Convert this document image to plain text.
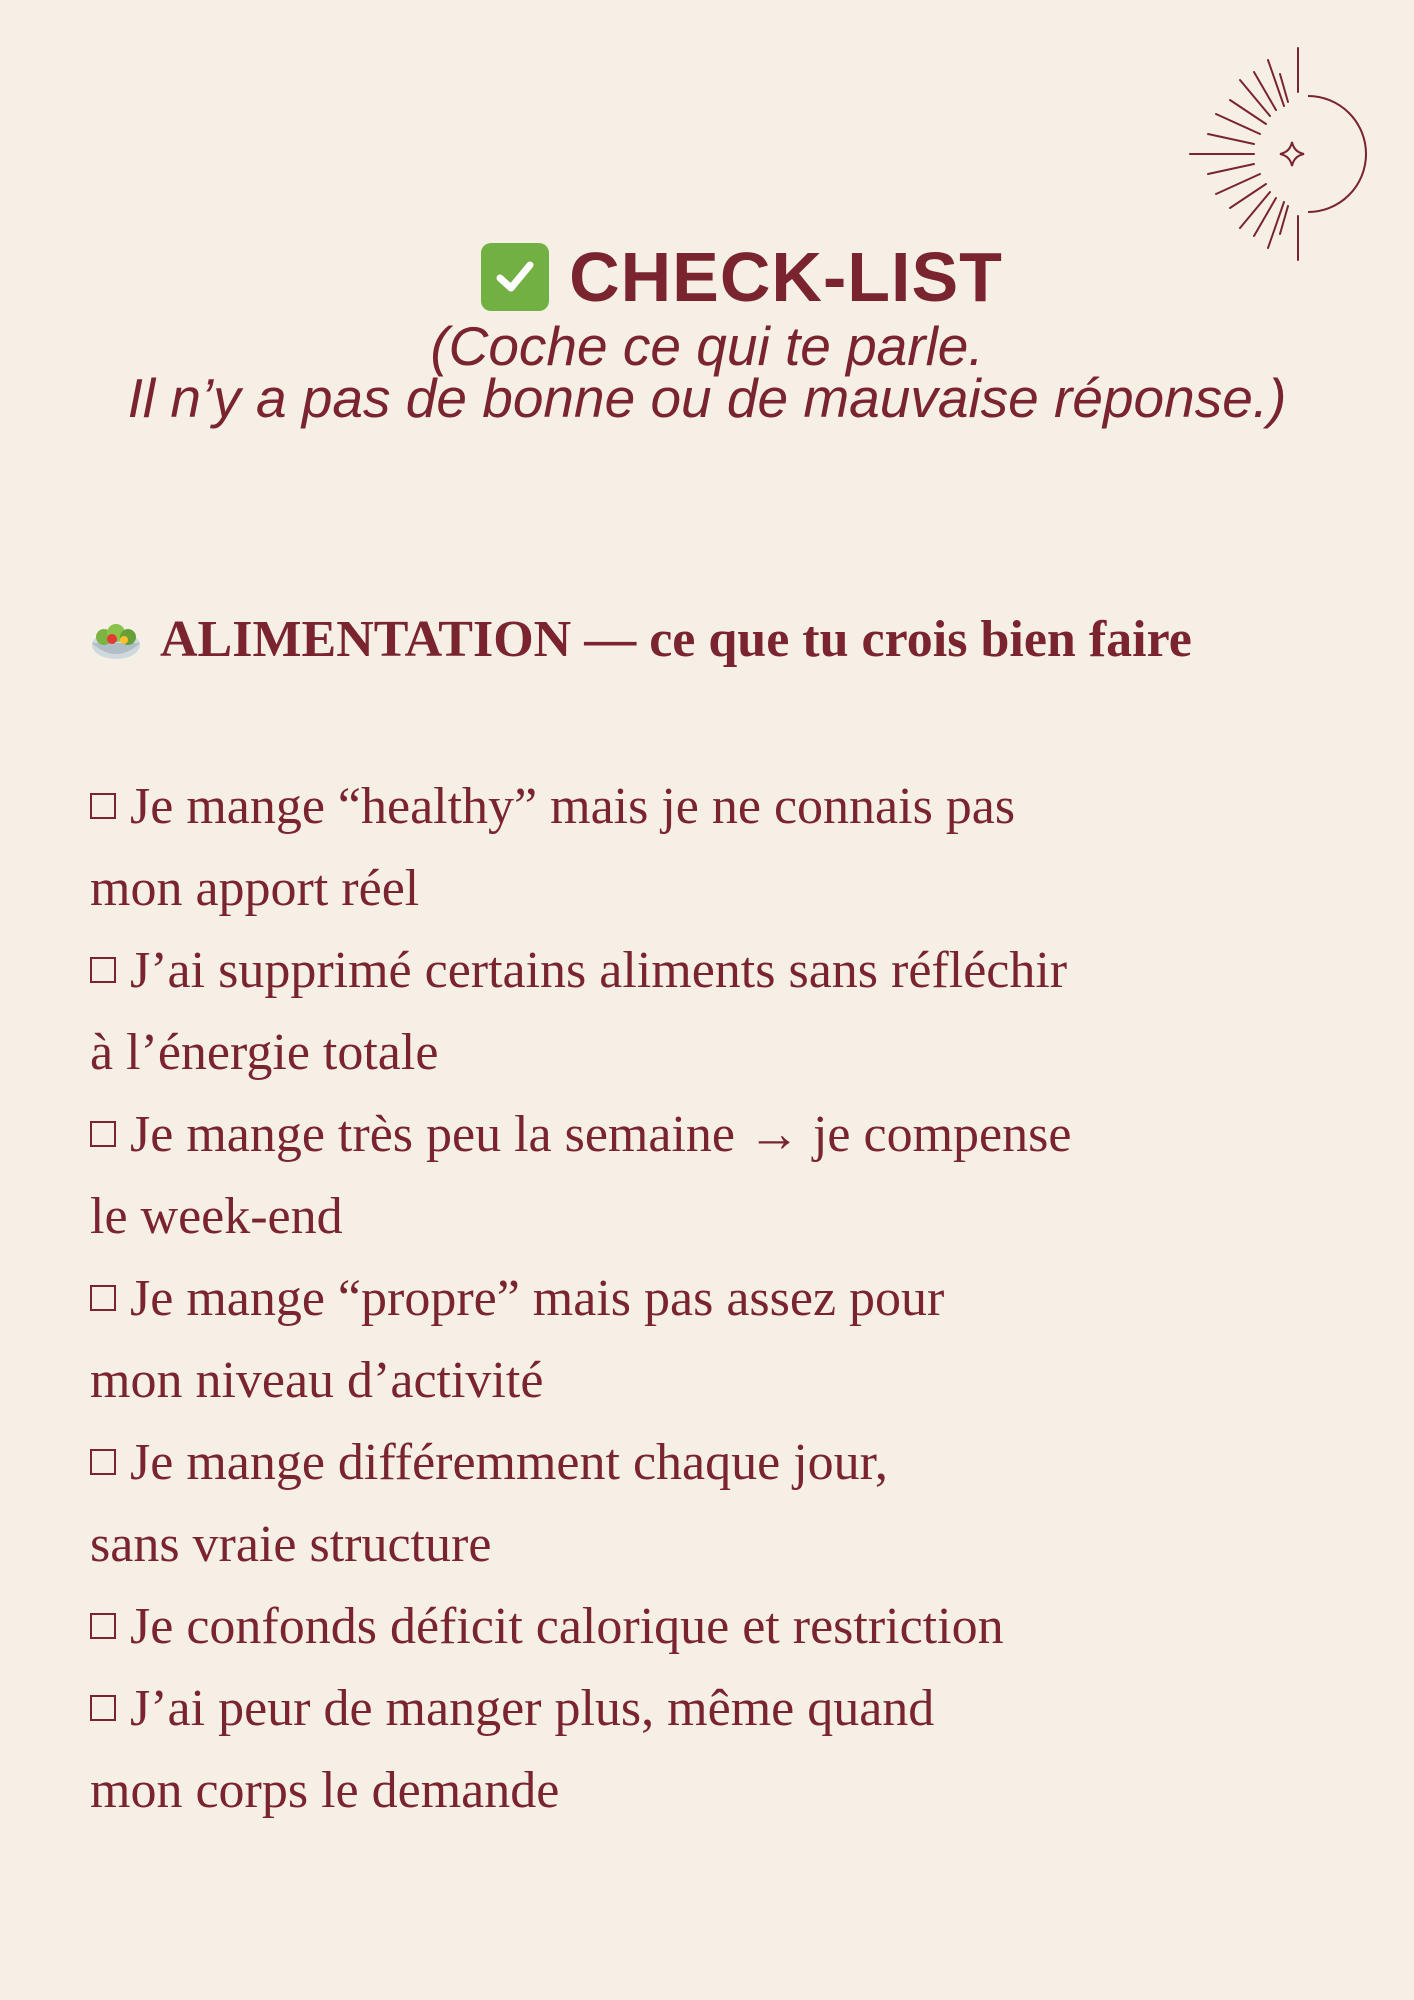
CHECK-LIST
(Coche ce qui te parle.
Il n’y a pas de bonne ou de mauvaise réponse.)
ALIMENTATION — ce que tu crois bien faire
Je mange “healthy” mais je ne connais pas
mon apport réel
J’ai supprimé certains aliments sans réfléchir
à l’énergie totale
Je mange très peu la semaine → je compense
le week-end
Je mange “propre” mais pas assez pour
mon niveau d’activité
Je mange différemment chaque jour,
sans vraie structure
Je confonds déficit calorique et restriction
J’ai peur de manger plus, même quand
mon corps le demande
